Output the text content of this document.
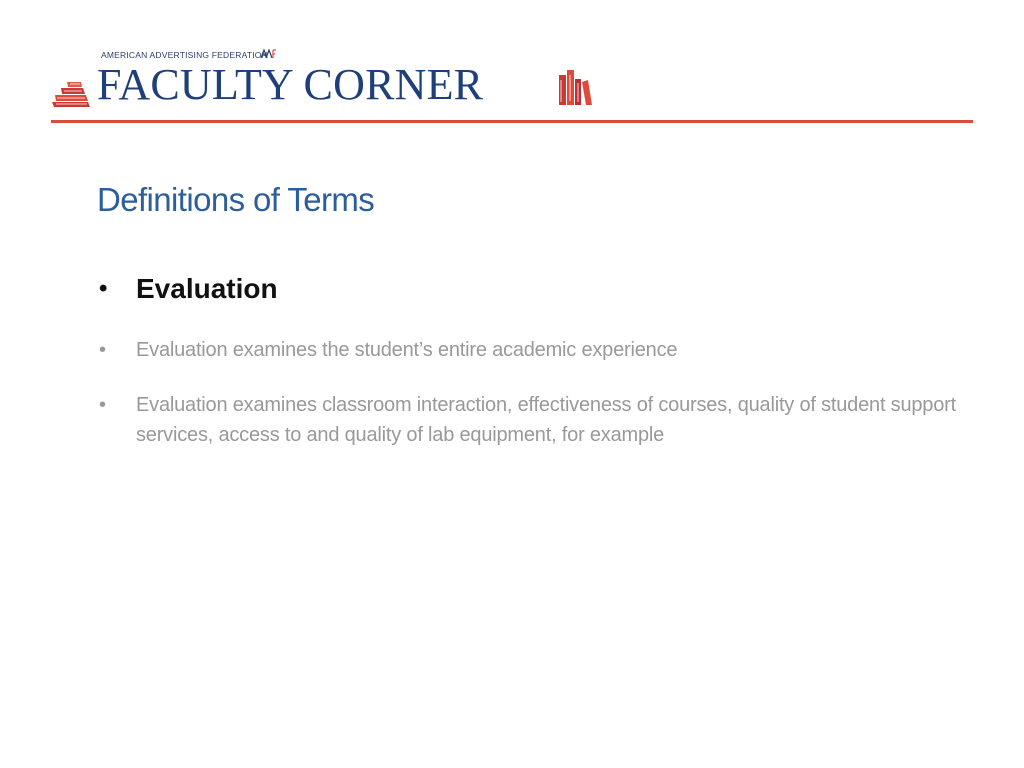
AMERICAN ADVERTISING FEDERATION
FACULTY CORNER
Definitions of Terms
• Evaluation
• Evaluation examines the student’s entire academic experience
• Evaluation examines classroom interaction, effectiveness of courses, quality of student support services, access to and quality of lab equipment, for example
